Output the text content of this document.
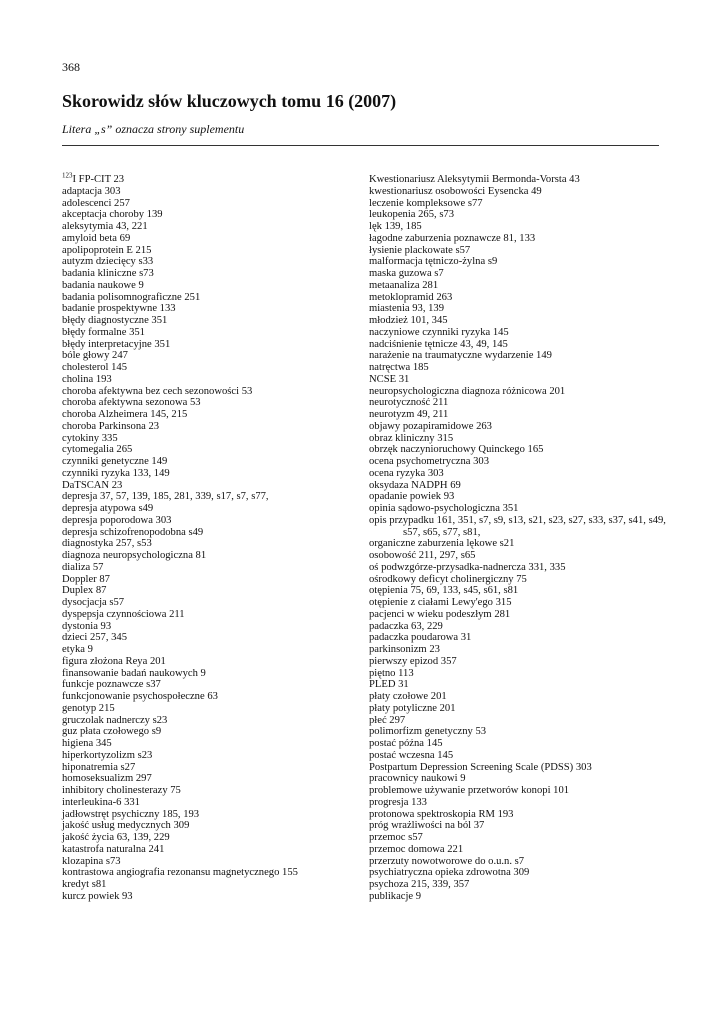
368
Skorowidz słów kluczowych tomu 16 (2007)
Litera „s” oznacza strony suplementu
$^{123}$I FP-CIT 23
adaptacja 303
adolescenci 257
akceptacja choroby 139
aleksytymia 43, 221
amyloid beta 69
apolipoprotein E 215
autyzm dziecięcy s33
badania kliniczne s73
badania naukowe 9
badania polisomnograficzne 251
badanie prospektywne 133
błędy diagnostyczne 351
błędy formalne 351
błędy interpretacyjne 351
bóle głowy 247
cholesterol 145
cholina 193
choroba afektywna bez cech sezonowości 53
choroba afektywna sezonowa 53
choroba Alzheimera 145, 215
choroba Parkinsona 23
cytokiny 335
cytomegalia 265
czynniki genetyczne 149
czynniki ryzyka 133, 149
DaTSCAN 23
depresja 37, 57, 139, 185, 281, 339, s17, s7, s77,
depresja atypowa s49
depresja poporodowa 303
depresja schizofrenopodobna s49
diagnostyka 257, s53
diagnoza neuropsychologiczna 81
dializa 57
Doppler 87
Duplex 87
dysocjacja s57
dyspepsja czynnościowa 211
dystonia 93
dzieci 257, 345
etyka 9
figura złożona Reya 201
finansowanie badań naukowych 9
funkcje poznawcze s37
funkcjonowanie psychospołeczne 63
genotyp 215
gruczolak nadnerczy s23
guz płata czołowego s9
higiena 345
hiperkortyzolizm s23
hiponatremia s27
homoseksualizm 297
inhibitory cholinesterazy 75
interleukina-6 331
jadłowstręt psychiczny 185, 193
jakość usług medycznych 309
jakość życia 63, 139, 229
katastrofa naturalna 241
klozapina s73
kontrastowa angiografia rezonansu magnetycznego 155
kredyt s81
kurcz powiek 93
Kwestionariusz Aleksytymii Bermonda-Vorsta 43
kwestionariusz osobowości Eysencka 49
leczenie kompleksowe s77
leukopenia 265, s73
lęk 139, 185
łagodne zaburzenia poznawcze 81, 133
łysienie plackowate s57
malformacja tętniczo-żylna s9
maska guzowa s7
metaanaliza 281
metoklopramid 263
miastenia 93, 139
młodzież 101, 345
naczyniowe czynniki ryzyka 145
nadciśnienie tętnicze 43, 49, 145
narażenie na traumatyczne wydarzenie 149
natręctwa 185
NCSE 31
neuropsychologiczna diagnoza różnicowa 201
neurotyczność 211
neurotyzm 49, 211
objawy pozapiramidowe 263
obraz kliniczny 315
obrzęk naczynioruchowy Quinckego 165
ocena psychometryczna 303
ocena ryzyka 303
oksydaza NADPH 69
opadanie powiek 93
opinia sądowo-psychologiczna 351
opis przypadku 161, 351, s7, s9, s13, s21, s23, s27, s33, s37, s41, s49, s57, s65, s77, s81,
organiczne zaburzenia lękowe s21
osobowość 211, 297, s65
oś podwzgórze-przysadka-nadnercza 331, 335
ośrodkowy deficyt cholinergiczny 75
otępienia 75, 69, 133, s45, s61, s81
otępienie z ciałami Lewy'ego 315
pacjenci w wieku podeszłym 281
padaczka 63, 229
padaczka poudarowa 31
parkinsonizm 23
pierwszy epizod 357
piętno 113
PLED 31
płaty czołowe 201
płaty potyliczne 201
płeć 297
polimorfizm genetyczny 53
postać późna 145
postać wczesna 145
Postpartum Depression Screening Scale (PDSS) 303
pracownicy naukowi 9
problemowe używanie przetworów konopi 101
progresja 133
protonowa spektroskopia RM 193
próg wrażliwości na ból 37
przemoc s57
przemoc domowa 221
przerzuty nowotworowe do o.u.n. s7
psychiatryczna opieka zdrowotna 309
psychoza 215, 339, 357
publikacje 9
